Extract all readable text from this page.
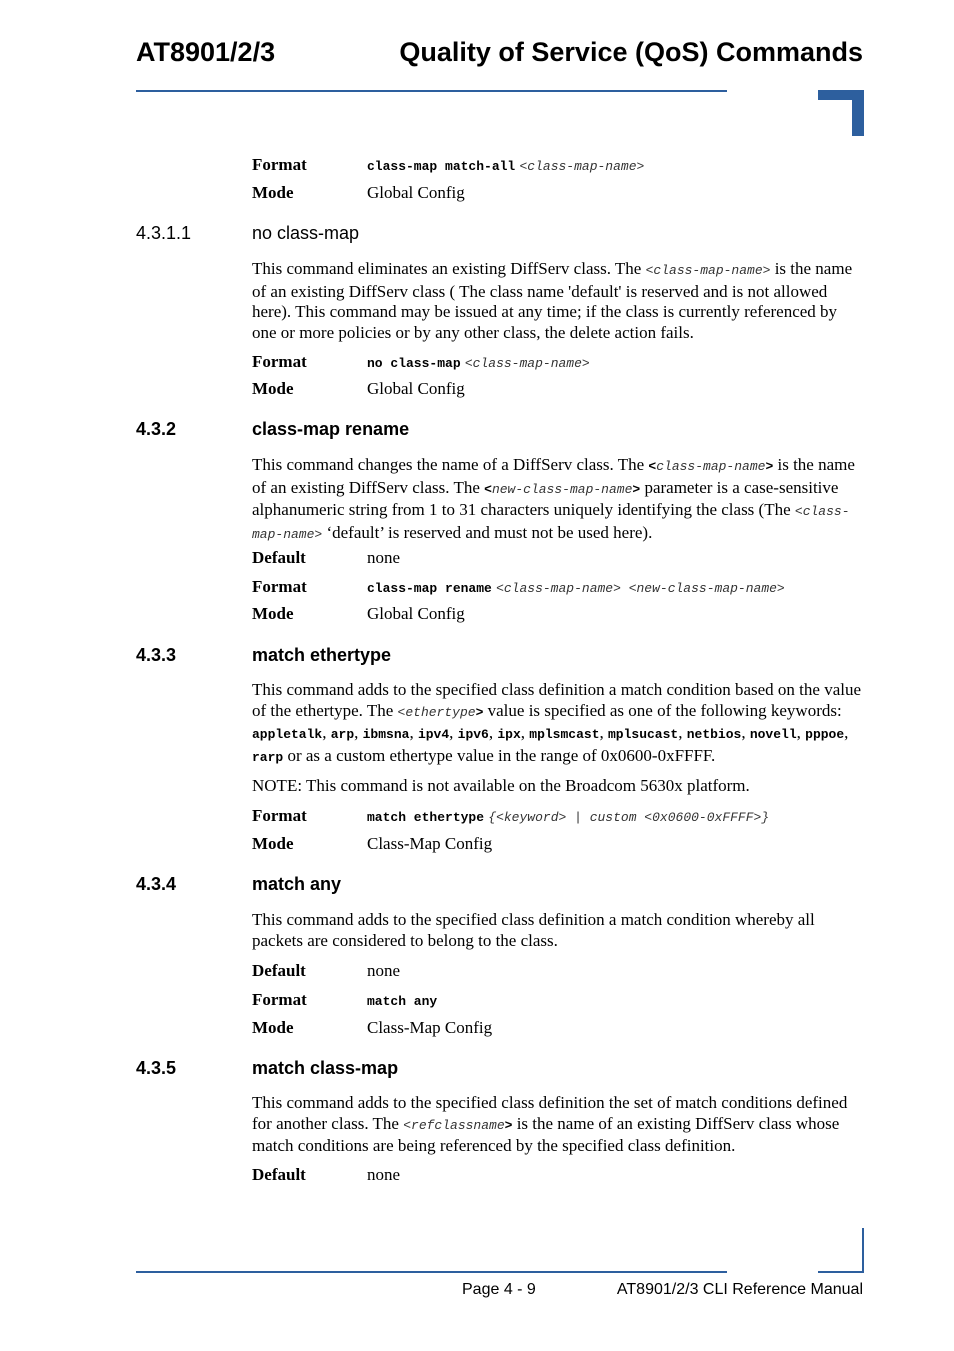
AT8901/2/3	Quality of Service (QoS) Commands
Format	class-map match-all <class-map-name>
Mode	Global Config
4.3.1.1	no class-map
This command eliminates an existing DiffServ class. The <class-map-name> is the name of an existing DiffServ class ( The class name 'default' is reserved and is not allowed here). This command may be issued at any time; if the class is currently referenced by one or more policies or by any other class, the delete action fails.
Format	no class-map <class-map-name>
Mode	Global Config
4.3.2	class-map rename
This command changes the name of a DiffServ class. The <class-map-name> is the name of an existing DiffServ class. The <new-class-map-name> parameter is a case-sensitive alphanumeric string from 1 to 31 characters uniquely identifying the class (The <class-map-name> ‘default’ is reserved and must not be used here).
Default	none
Format	class-map rename <class-map-name> <new-class-map-name>
Mode	Global Config
4.3.3	match ethertype
This command adds to the specified class definition a match condition based on the value of the ethertype. The <ethertype> value is specified as one of the following keywords: appletalk, arp, ibmsna, ipv4, ipv6, ipx, mplsmcast, mplsucast, netbios, novell, pppoe, rarp or as a custom ethertype value in the range of 0x0600-0xFFFF.
NOTE: This command is not available on the Broadcom 5630x platform.
Format	match ethertype {<keyword> | custom <0x0600-0xFFFF>}
Mode	Class-Map Config
4.3.4	match any
This command adds to the specified class definition a match condition whereby all packets are considered to belong to the class.
Default	none
Format	match any
Mode	Class-Map Config
4.3.5	match class-map
This command adds to the specified class definition the set of match conditions defined for another class. The <refclassname> is the name of an existing DiffServ class whose match conditions are being referenced by the specified class definition.
Default	none
Page 4 - 9	AT8901/2/3 CLI Reference Manual
